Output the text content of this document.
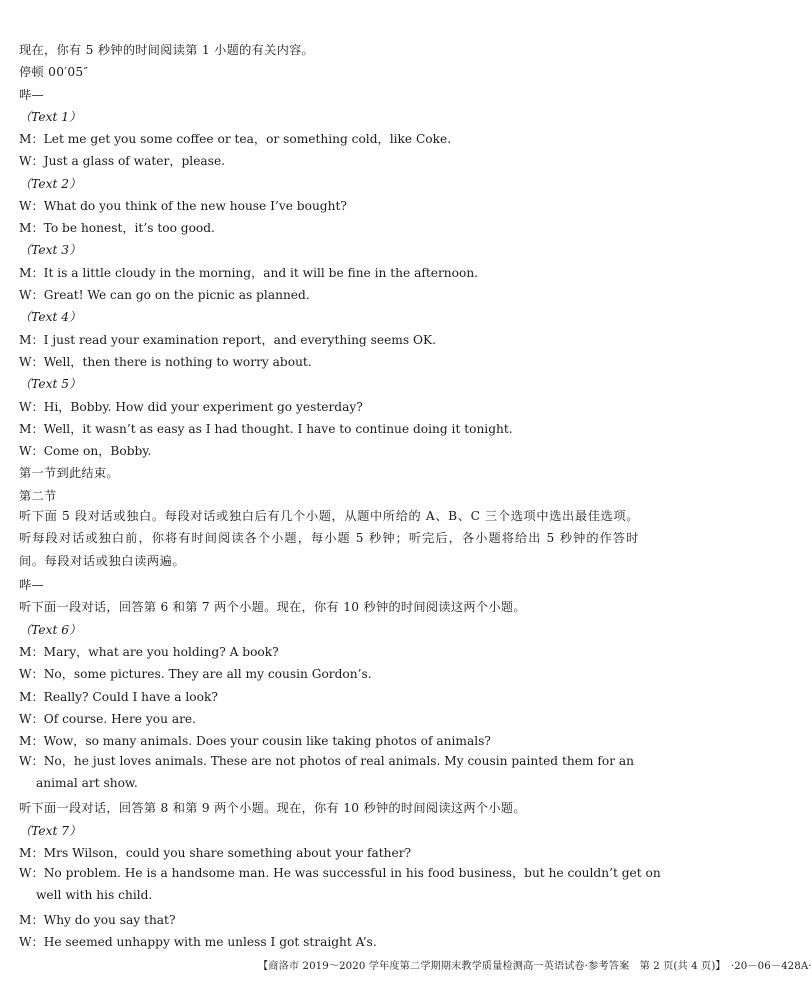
现在，你有 5 秒钟的时间阅读第 1 小题的有关内容。
停顿 00′05″
哔—
（Text 1）
M：Let me get you some coffee or tea，or something cold，like Coke.
W：Just a glass of water，please.
（Text 2）
W：What do you think of the new house I’ve bought?
M：To be honest，it’s too good.
（Text 3）
M：It is a little cloudy in the morning，and it will be fine in the afternoon.
W：Great! We can go on the picnic as planned.
（Text 4）
M：I just read your examination report，and everything seems OK.
W：Well，then there is nothing to worry about.
（Text 5）
W：Hi，Bobby. How did your experiment go yesterday?
M：Well，it wasn’t as easy as I had thought. I have to continue doing it tonight.
W：Come on，Bobby.
第一节到此结束。
第二节
听下面 5 段对话或独白。每段对话或独白后有几个小题，从题中所给的 A、B、C 三个选项中选出最佳选项。听每段对话或独白前，你将有时间阅读各个小题，每小题 5 秒钟；听完后，各小题将给出 5 秒钟的作答时间。每段对话或独白读两遍。
哔—
听下面一段对话，回答第 6 和第 7 两个小题。现在，你有 10 秒钟的时间阅读这两个小题。
（Text 6）
M：Mary，what are you holding? A book?
W：No，some pictures. They are all my cousin Gordon’s.
M：Really? Could I have a look?
W：Of course. Here you are.
M：Wow，so many animals. Does your cousin like taking photos of animals?
W：No，he just loves animals. These are not photos of real animals. My cousin painted them for an animal art show.
听下面一段对话，回答第 8 和第 9 两个小题。现在，你有 10 秒钟的时间阅读这两个小题。
（Text 7）
M：Mrs Wilson，could you share something about your father?
W：No problem. He is a handsome man. He was successful in his food business，but he couldn’t get on well with his child.
M：Why do you say that?
W：He seemed unhappy with me unless I got straight A’s.
【商洛市 2019～2020 学年度第二学期期末教学质量检测高一英语试卷·参考答案　第 2 页(共 4 页)】　·20－06－428A·
